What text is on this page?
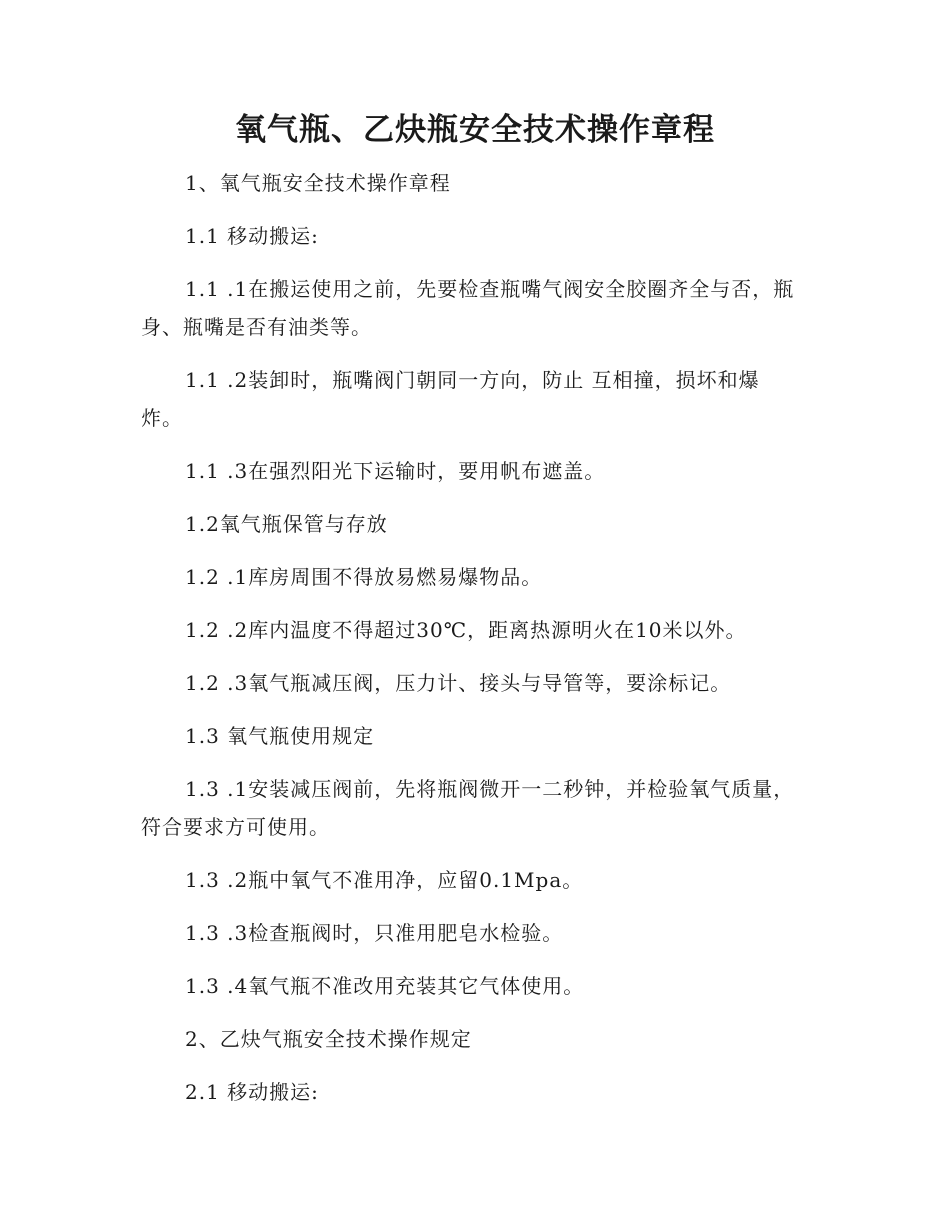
氧气瓶、乙炔瓶安全技术操作章程

1、氧气瓶安全技术操作章程

1.1 移动搬运:

1.1 .1在搬运使用之前，先要检查瓶嘴气阀安全胶圈齐全与否，瓶身、瓶嘴是否有油类等。

1.1 .2装卸时，瓶嘴阀门朝同一方向，防止 互相撞，损坏和爆炸。

1.1 .3在强烈阳光下运输时，要用帆布遮盖。

1.2氧气瓶保管与存放

1.2 .1库房周围不得放易燃易爆物品。

1.2 .2库内温度不得超过30℃，距离热源明火在10米以外。

1.2 .3氧气瓶减压阀，压力计、接头与导管等，要涂标记。

1.3 氧气瓶使用规定

1.3 .1安装减压阀前，先将瓶阀微开一二秒钟，并检验氧气质量，符合要求方可使用。

1.3 .2瓶中氧气不准用净，应留0.1Mpa。

1.3 .3检查瓶阀时，只准用肥皂水检验。

1.3 .4氧气瓶不准改用充装其它气体使用。

2、乙炔气瓶安全技术操作规定

2.1 移动搬运:
